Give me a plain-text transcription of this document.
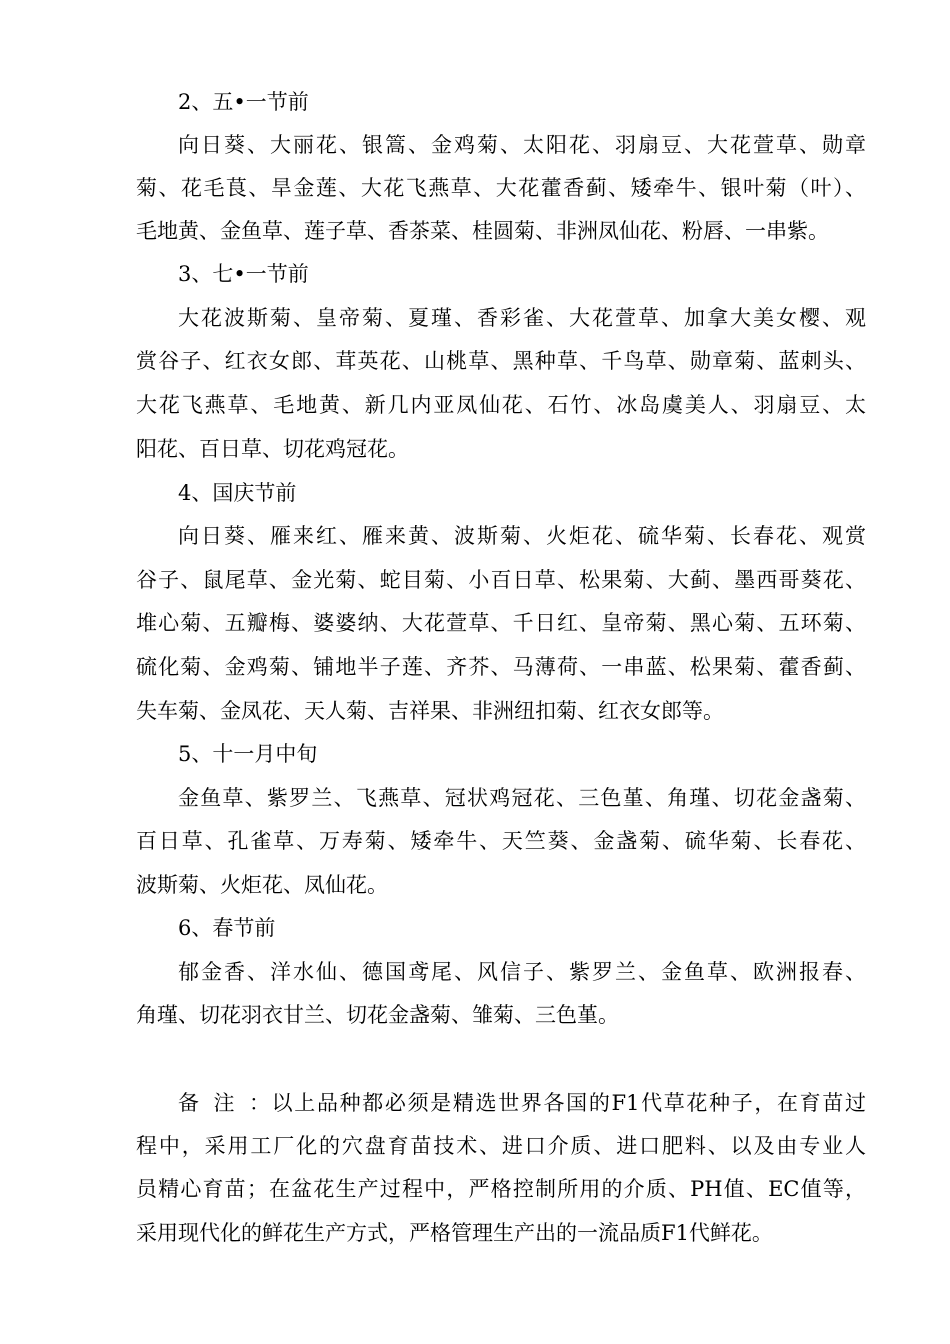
2、五•一节前
向日葵、大丽花、银篙、金鸡菊、太阳花、羽扇豆、大花萱草、勋章
菊、花毛茛、旱金莲、大花飞燕草、大花藿香蓟、矮牵牛、银叶菊（叶）、
毛地黄、金鱼草、莲子草、香茶菜、桂圆菊、非洲凤仙花、粉唇、一串紫。
3、七•一节前
大花波斯菊、皇帝菊、夏瑾、香彩雀、大花萱草、加拿大美女樱、观
赏谷子、红衣女郎、茸英花、山桃草、黑种草、千鸟草、勋章菊、蓝刺头、
大花飞燕草、毛地黄、新几内亚凤仙花、石竹、冰岛虞美人、羽扇豆、太
阳花、百日草、切花鸡冠花。
4、国庆节前
向日葵、雁来红、雁来黄、波斯菊、火炬花、硫华菊、长春花、观赏
谷子、鼠尾草、金光菊、蛇目菊、小百日草、松果菊、大蓟、墨西哥葵花、
堆心菊、五瓣梅、婆婆纳、大花萱草、千日红、皇帝菊、黑心菊、五环菊、
硫化菊、金鸡菊、铺地半子莲、齐芥、马薄荷、一串蓝、松果菊、藿香蓟、
失车菊、金凤花、天人菊、吉祥果、非洲纽扣菊、红衣女郎等。
5、十一月中旬
金鱼草、紫罗兰、飞燕草、冠状鸡冠花、三色堇、角瑾、切花金盏菊、
百日草、孔雀草、万寿菊、矮牵牛、天竺葵、金盏菊、硫华菊、长春花、
波斯菊、火炬花、凤仙花。
6、春节前
郁金香、洋水仙、德国鸢尾、风信子、紫罗兰、金鱼草、欧洲报春、
角瑾、切花羽衣甘兰、切花金盏菊、雏菊、三色堇。
备注：以上品种都必须是精选世界各国的F1代草花种子，在育苗过
程中，采用工厂化的穴盘育苗技术、进口介质、进口肥料、以及由专业人
员精心育苗；在盆花生产过程中，严格控制所用的介质、PH值、EC值等，
采用现代化的鲜花生产方式，严格管理生产出的一流品质F1代鲜花。
